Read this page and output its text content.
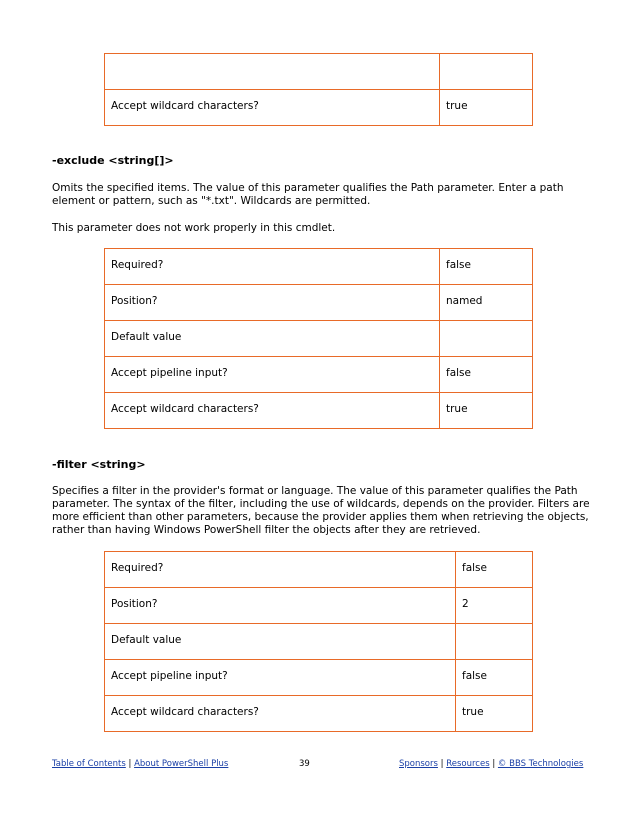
Accept wildcard characters?	true
-exclude <string[]>
Omits the specified items. The value of this parameter qualifies the Path parameter. Enter a path element or pattern, such as "*.txt". Wildcards are permitted.
This parameter does not work properly in this cmdlet.
Required?	false
Position?	named
Default value	
Accept pipeline input?	false
Accept wildcard characters?	true
-filter <string>
Specifies a filter in the provider's format or language. The value of this parameter qualifies the Path parameter. The syntax of the filter, including the use of wildcards, depends on the provider. Filters are more efficient than other parameters, because the provider applies them when retrieving the objects, rather than having Windows PowerShell filter the objects after they are retrieved.
Required?	false
Position?	2
Default value	
Accept pipeline input?	false
Accept wildcard characters?	true
Table of Contents | About PowerShell Plus	39	Sponsors | Resources | © BBS Technologies
